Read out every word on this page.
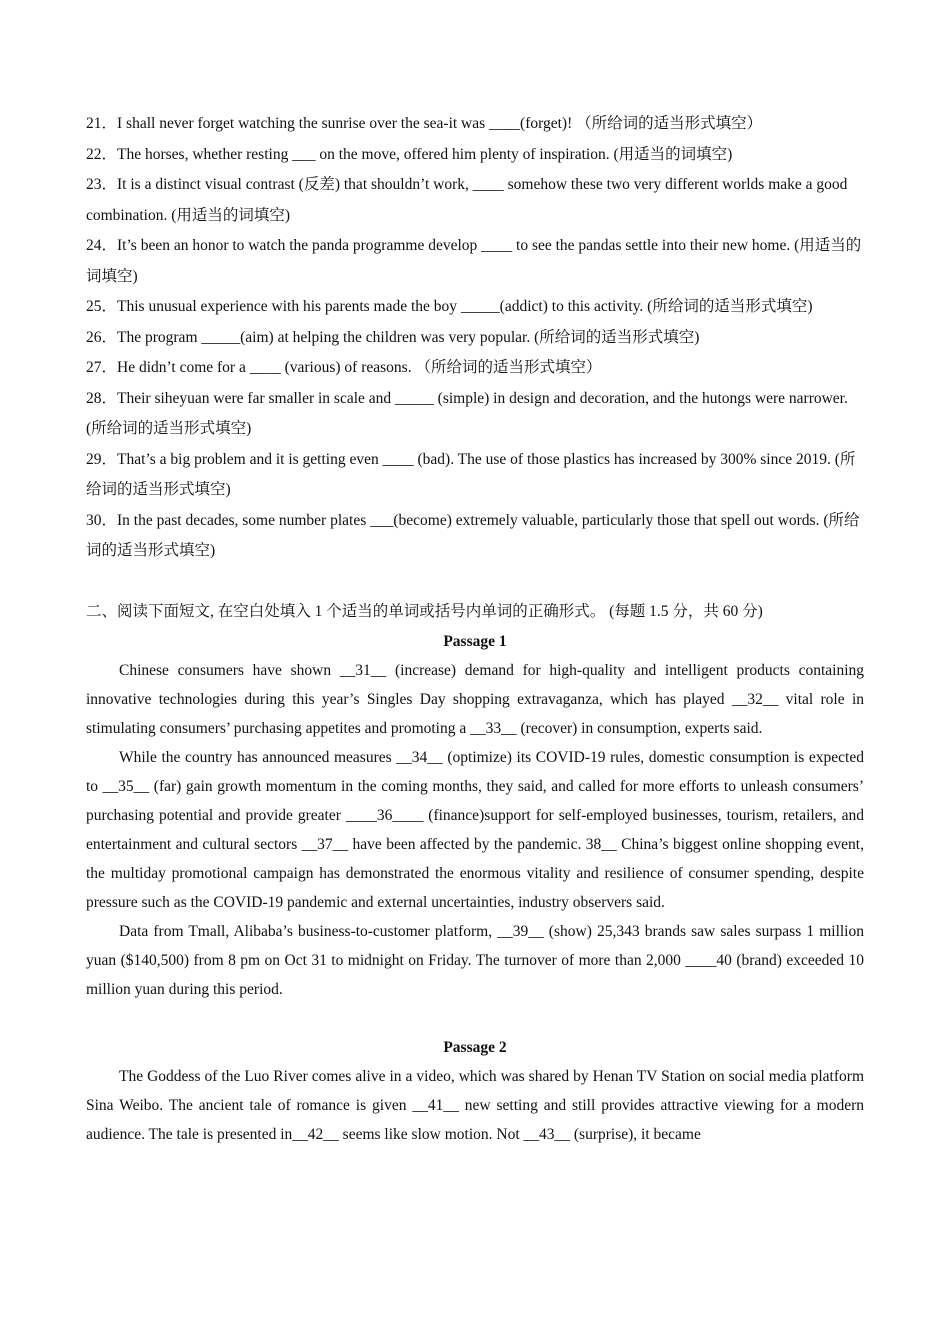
21．I shall never forget watching the sunrise over the sea-it was ____(forget)! （所给词的适当形式填空）

22．The horses, whether resting ___ on the move, offered him plenty of inspiration. (用适当的词填空)

23．It is a distinct visual contrast (反差) that shouldn’t work, ____ somehow these two very different worlds make a good combination. (用适当的词填空)

24．It’s been an honor to watch the panda programme develop ____ to see the pandas settle into their new home. (用适当的词填空)

25．This unusual experience with his parents made the boy _____(addict) to this activity. (所给词的适当形式填空)

26．The program _____(aim) at helping the children was very popular. (所给词的适当形式填空)

27．He didn’t come for a ____ (various) of reasons. （所给词的适当形式填空）

28．Their siheyuan were far smaller in scale and _____ (simple) in design and decoration, and the hutongs were narrower. (所给词的适当形式填空)

29．That’s a big problem and it is getting even ____ (bad). The use of those plastics has increased by 300% since 2019. (所给词的适当形式填空)

30．In the past decades, some number plates ___(become) extremely valuable, particularly those that spell out words. (所给词的适当形式填空)

二、阅读下面短文, 在空白处填入 1 个适当的单词或括号内单词的正确形式。 (每题 1.5 分，共 60 分)

Passage 1

Chinese consumers have shown __31__ (increase) demand for high-quality and intelligent products containing innovative technologies during this year’s Singles Day shopping extravaganza, which has played __32__ vital role in stimulating consumers’ purchasing appetites and promoting a __33__ (recover) in consumption, experts said.

While the country has announced measures __34__ (optimize) its COVID-19 rules, domestic consumption is expected to __35__ (far) gain growth momentum in the coming months, they said, and called for more efforts to unleash consumers’ purchasing potential and provide greater ____36____ (finance)support for self-employed businesses, tourism, retailers, and entertainment and cultural sectors __37__ have been affected by the pandemic. 38__ China’s biggest online shopping event, the multiday promotional campaign has demonstrated the enormous vitality and resilience of consumer spending, despite pressure such as the COVID-19 pandemic and external uncertainties, industry observers said.

Data from Tmall, Alibaba’s business-to-customer platform, __39__ (show) 25,343 brands saw sales surpass 1 million yuan ($140,500) from 8 pm on Oct 31 to midnight on Friday. The turnover of more than 2,000 ____40 (brand) exceeded 10 million yuan during this period.

Passage 2

The Goddess of the Luo River comes alive in a video, which was shared by Henan TV Station on social media platform Sina Weibo. The ancient tale of romance is given __41__ new setting and still provides attractive viewing for a modern audience. The tale is presented in__42__ seems like slow motion. Not __43__ (surprise), it became
